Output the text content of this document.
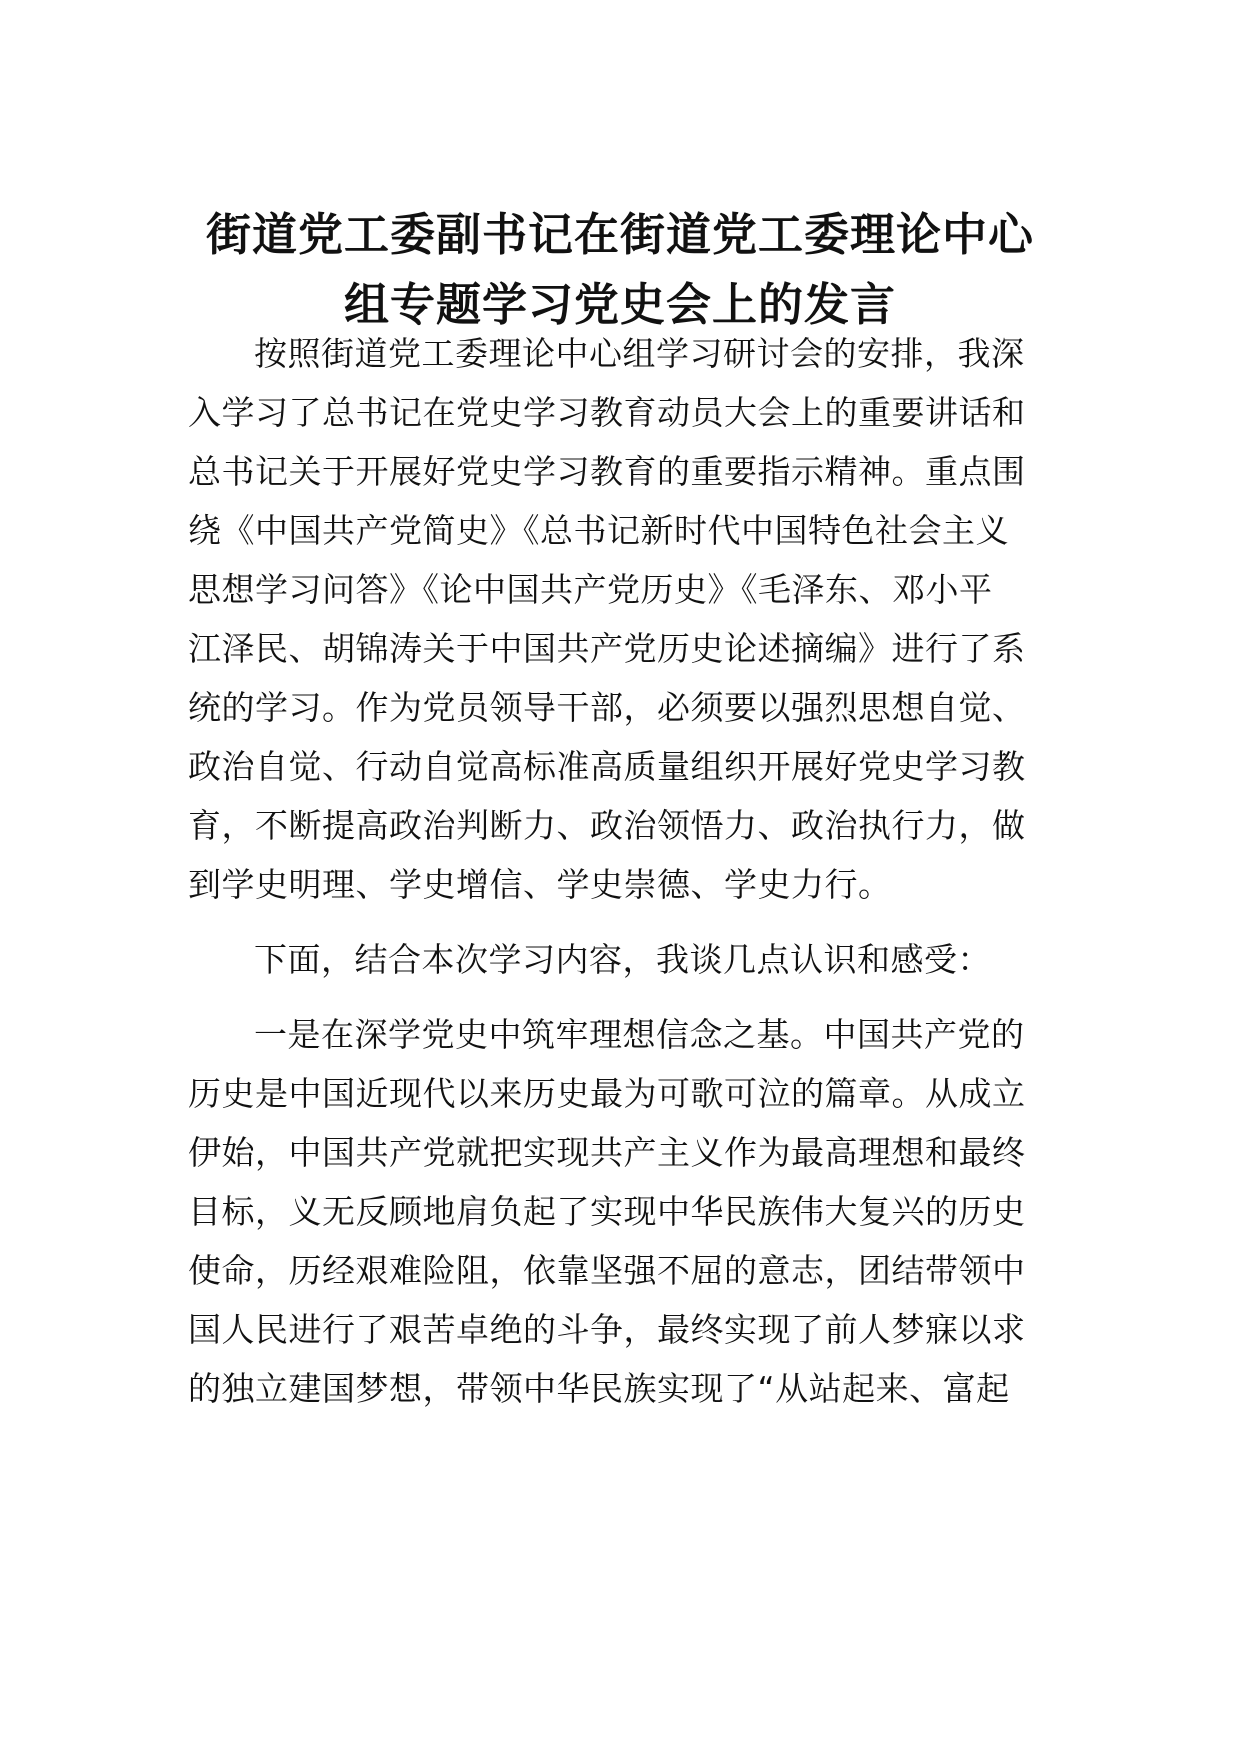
街道党工委副书记在街道党工委理论中心
组专题学习党史会上的发言
按照街道党工委理论中心组学习研讨会的安排，我深
入学习了总书记在党史学习教育动员大会上的重要讲话和
总书记关于开展好党史学习教育的重要指示精神。重点围
绕《中国共产党简史》《总书记新时代中国特色社会主义
思想学习问答》《论中国共产党历史》《毛泽东、邓小平
江泽民、胡锦涛关于中国共产党历史论述摘编》进行了系
统的学习。作为党员领导干部，必须要以强烈思想自觉、
政治自觉、行动自觉高标准高质量组织开展好党史学习教
育，不断提高政治判断力、政治领悟力、政治执行力，做
到学史明理、学史增信、学史崇德、学史力行。
下面，结合本次学习内容，我谈几点认识和感受：
一是在深学党史中筑牢理想信念之基。中国共产党的
历史是中国近现代以来历史最为可歌可泣的篇章。从成立
伊始，中国共产党就把实现共产主义作为最高理想和最终
目标，义无反顾地肩负起了实现中华民族伟大复兴的历史
使命，历经艰难险阻，依靠坚强不屈的意志，团结带领中
国人民进行了艰苦卓绝的斗争，最终实现了前人梦寐以求
的独立建国梦想，带领中华民族实现了“从站起来、富起
